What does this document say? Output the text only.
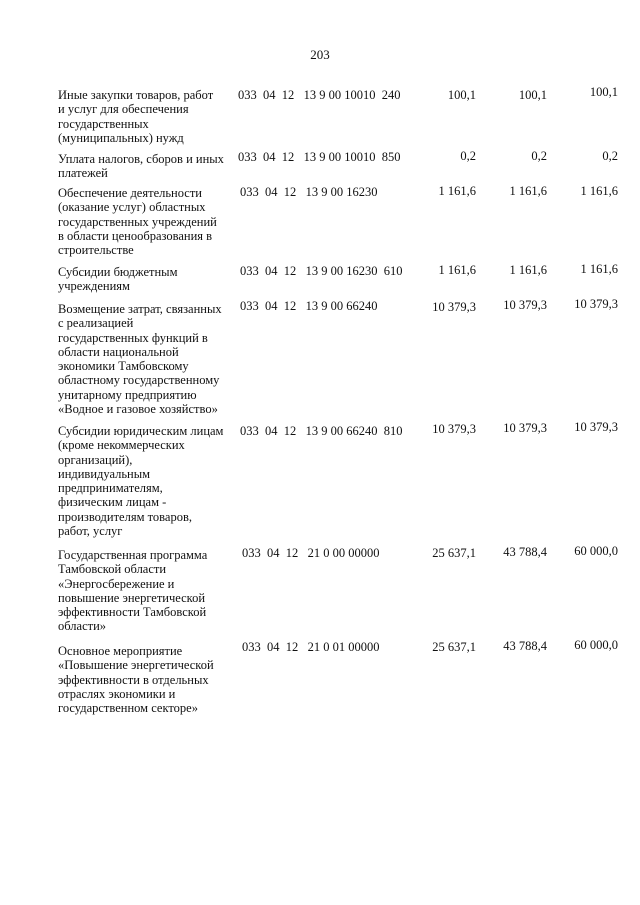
203
Иные закупки товаров, работ
и услуг для обеспечения
государственных
(муниципальных) нужд
033  04  12   13 9 00 10010  240	100,1	100,1	100,1
Уплата налогов, сборов и иных
платежей
033  04  12   13 9 00 10010  850	0,2	0,2	0,2
Обеспечение деятельности
(оказание услуг) областных
государственных учреждений
в области ценообразования в
строительстве
033  04  12   13 9 00 16230	1 161,6	1 161,6	1 161,6
Субсидии бюджетным
учреждениям
033  04  12   13 9 00 16230  610	1 161,6	1 161,6	1 161,6
Возмещение затрат, связанных
с реализацией
государственных функций в
области национальной
экономики Тамбовскому
областному государственному
унитарному предприятию
«Водное и газовое хозяйство»
033  04  12   13 9 00 66240	10 379,3	10 379,3	10 379,3
Субсидии юридическим лицам
(кроме некоммерческих
организаций),
индивидуальным
предпринимателям,
физическим лицам -
производителям товаров,
работ, услуг
033  04  12   13 9 00 66240  810	10 379,3	10 379,3	10 379,3
Государственная программа
Тамбовской области
«Энергосбережение и
повышение энергетической
эффективности Тамбовской
области»
033  04  12   21 0 00 00000	25 637,1	43 788,4	60 000,0
Основное мероприятие
«Повышение энергетической
эффективности в отдельных
отраслях экономики и
государственном секторе»
033  04  12   21 0 01 00000	25 637,1	43 788,4	60 000,0
